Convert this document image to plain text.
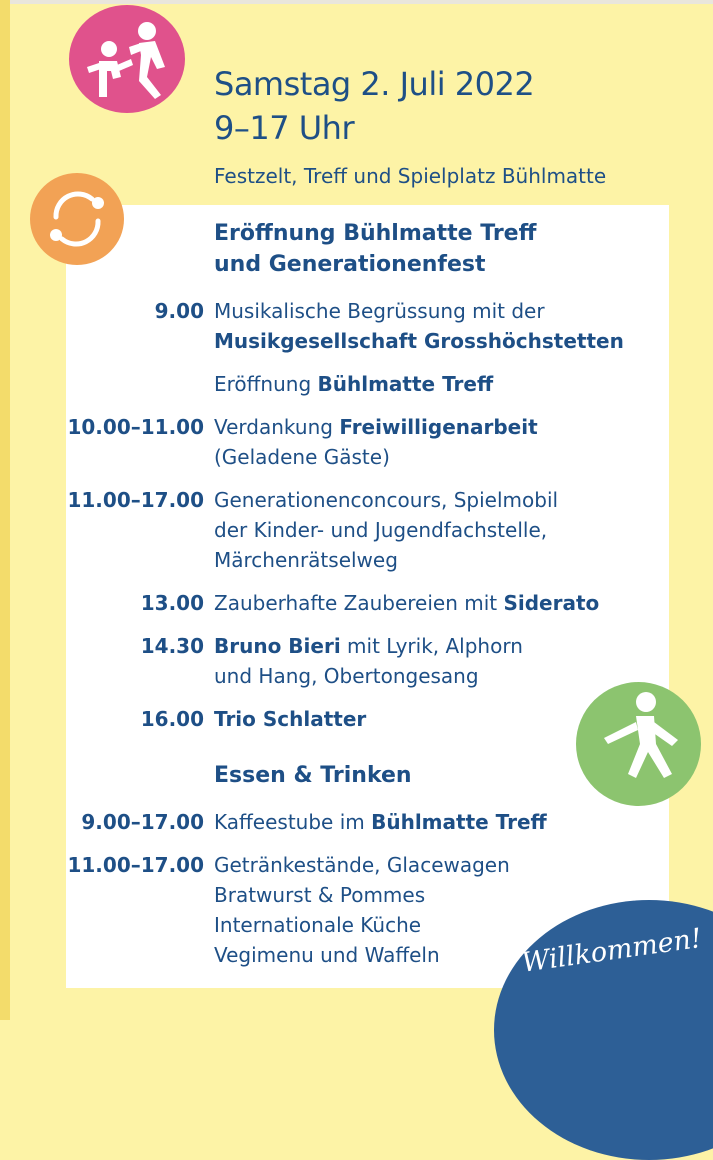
Willkommen!
Samstag 2. Juli 2022
9–17 Uhr
Festzelt, Treff und Spielplatz Bühlmatte
Eröffnung Bühlmatte Treff
und Generationenfest
9.00 Musikalische Begrüssung mit der
Musikgesellschaft Grosshöchstetten
Eröffnung Bühlmatte Treff
10.00–11.00 Verdankung Freiwilligenarbeit
(Geladene Gäste)
11.00–17.00 Generationenconcours, Spielmobil
der Kinder- und Jugendfachstelle,
Märchenrätselweg
13.00 Zauberhafte Zaubereien mit Siderato
14.30 Bruno Bieri mit Lyrik, Alphorn
und Hang, Obertongesang
16.00 Trio Schlatter
Essen & Trinken
9.00–17.00 Kaffeestube im Bühlmatte Treff
11.00–17.00 Getränkestände, Glacewagen
Bratwurst & Pommes
Internationale Küche
Vegimenu und Waffeln
